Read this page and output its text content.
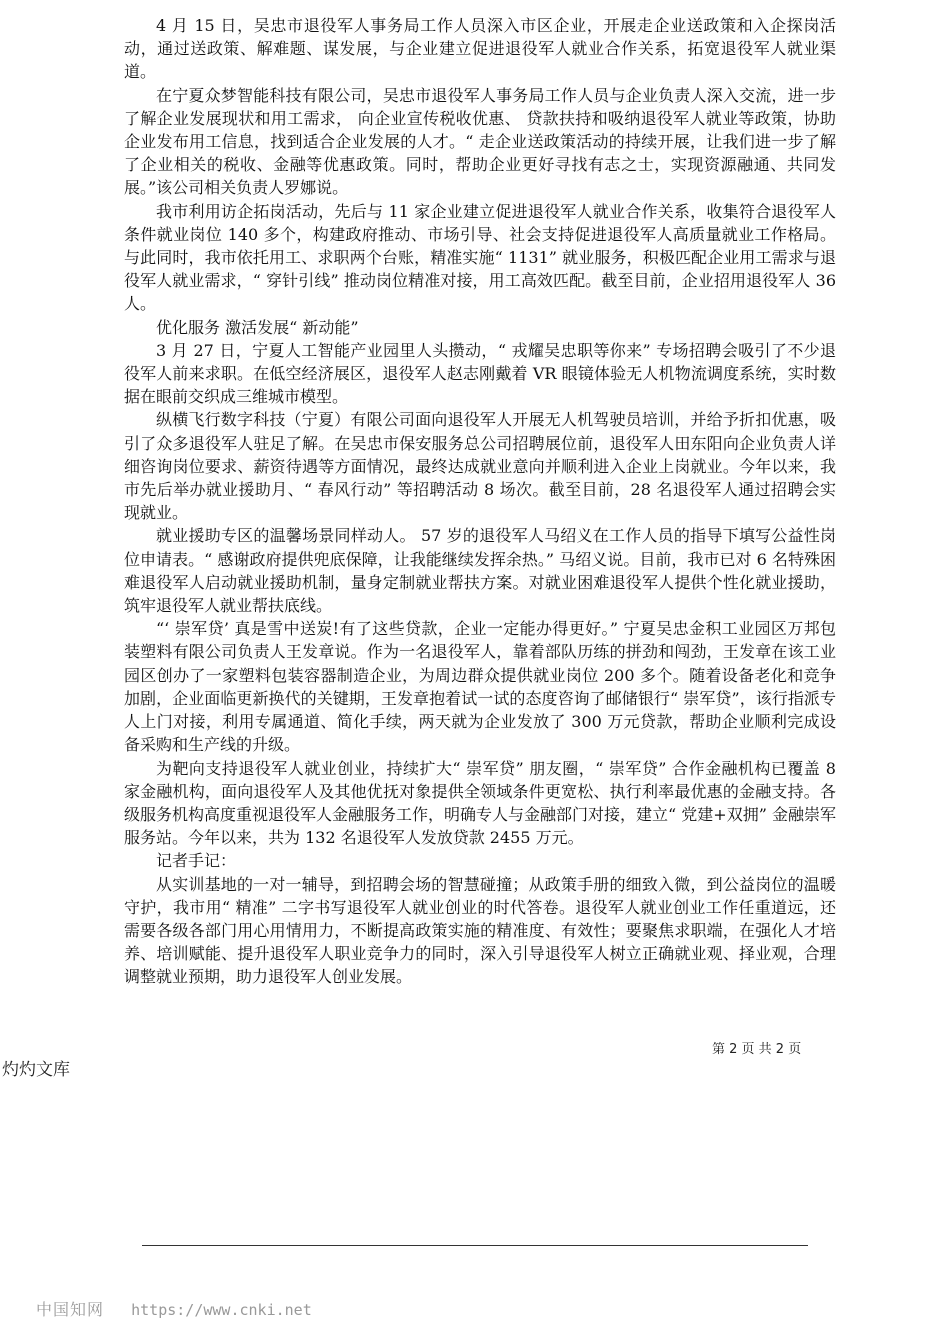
4 月 15 日，吴忠市退役军人事务局工作人员深入市区企业，开展走企业送政策和入企探岗活动，通过送政策、解难题、谋发展，与企业建立促进退役军人就业合作关系，拓宽退役军人就业渠道。

在宁夏众梦智能科技有限公司，吴忠市退役军人事务局工作人员与企业负责人深入交流，进一步了解企业发展现状和用工需求， 向企业宣传税收优惠、 贷款扶持和吸纳退役军人就业等政策，协助企业发布用工信息，找到适合企业发展的人才。“ 走企业送政策活动的持续开展，让我们进一步了解了企业相关的税收、金融等优惠政策。同时，帮助企业更好寻找有志之士，实现资源融通、共同发展。”该公司相关负责人罗娜说。

我市利用访企拓岗活动，先后与 11 家企业建立促进退役军人就业合作关系，收集符合退役军人条件就业岗位 140 多个，构建政府推动、市场引导、社会支持促进退役军人高质量就业工作格局。与此同时，我市依托用工、求职两个台账，精准实施“ 1131” 就业服务，积极匹配企业用工需求与退役军人就业需求，“ 穿针引线” 推动岗位精准对接，用工高效匹配。截至目前，企业招用退役军人 36 人。

优化服务 激活发展“ 新动能”

3 月 27 日，宁夏人工智能产业园里人头攒动，“ 戎耀吴忠职等你来” 专场招聘会吸引了不少退役军人前来求职。在低空经济展区，退役军人赵志刚戴着 VR 眼镜体验无人机物流调度系统，实时数据在眼前交织成三维城市模型。

纵横飞行数字科技（宁夏）有限公司面向退役军人开展无人机驾驶员培训，并给予折扣优惠，吸引了众多退役军人驻足了解。在吴忠市保安服务总公司招聘展位前，退役军人田东阳向企业负责人详细咨询岗位要求、薪资待遇等方面情况，最终达成就业意向并顺利进入企业上岗就业。今年以来，我市先后举办就业援助月、“ 春风行动” 等招聘活动 8 场次。截至目前，28 名退役军人通过招聘会实现就业。

就业援助专区的温馨场景同样动人。 57 岁的退役军人马绍义在工作人员的指导下填写公益性岗位申请表。“ 感谢政府提供兜底保障，让我能继续发挥余热。” 马绍义说。目前，我市已对 6 名特殊困难退役军人启动就业援助机制，量身定制就业帮扶方案。对就业困难退役军人提供个性化就业援助，筑牢退役军人就业帮扶底线。

“‘ 崇军贷’ 真是雪中送炭!有了这些贷款，企业一定能办得更好。” 宁夏吴忠金积工业园区万邦包装塑料有限公司负责人王发章说。作为一名退役军人，靠着部队历练的拼劲和闯劲，王发章在该工业园区创办了一家塑料包装容器制造企业，为周边群众提供就业岗位 200 多个。随着设备老化和竞争加剧，企业面临更新换代的关键期，王发章抱着试一试的态度咨询了邮储银行“ 崇军贷”，该行指派专人上门对接，利用专属通道、简化手续，两天就为企业发放了 300 万元贷款，帮助企业顺利完成设备采购和生产线的升级。

为靶向支持退役军人就业创业，持续扩大“ 崇军贷” 朋友圈，“ 崇军贷” 合作金融机构已覆盖 8 家金融机构，面向退役军人及其他优抚对象提供全领域条件更宽松、执行利率最优惠的金融支持。各级服务机构高度重视退役军人金融服务工作，明确专人与金融部门对接，建立“ 党建+双拥” 金融崇军服务站。今年以来，共为 132 名退役军人发放贷款 2455 万元。

记者手记：

从实训基地的一对一辅导，到招聘会场的智慧碰撞；从政策手册的细致入微，到公益岗位的温暖守护，我市用“ 精准” 二字书写退役军人就业创业的时代答卷。退役军人就业创业工作任重道远，还需要各级各部门用心用情用力，不断提高政策实施的精准度、有效性；要聚焦求职端，在强化人才培养、培训赋能、提升退役军人职业竞争力的同时，深入引导退役军人树立正确就业观、择业观，合理调整就业预期，助力退役军人创业发展。

第 2 页 共 2 页
灼灼文库
中国知网 https://www.cnki.net
